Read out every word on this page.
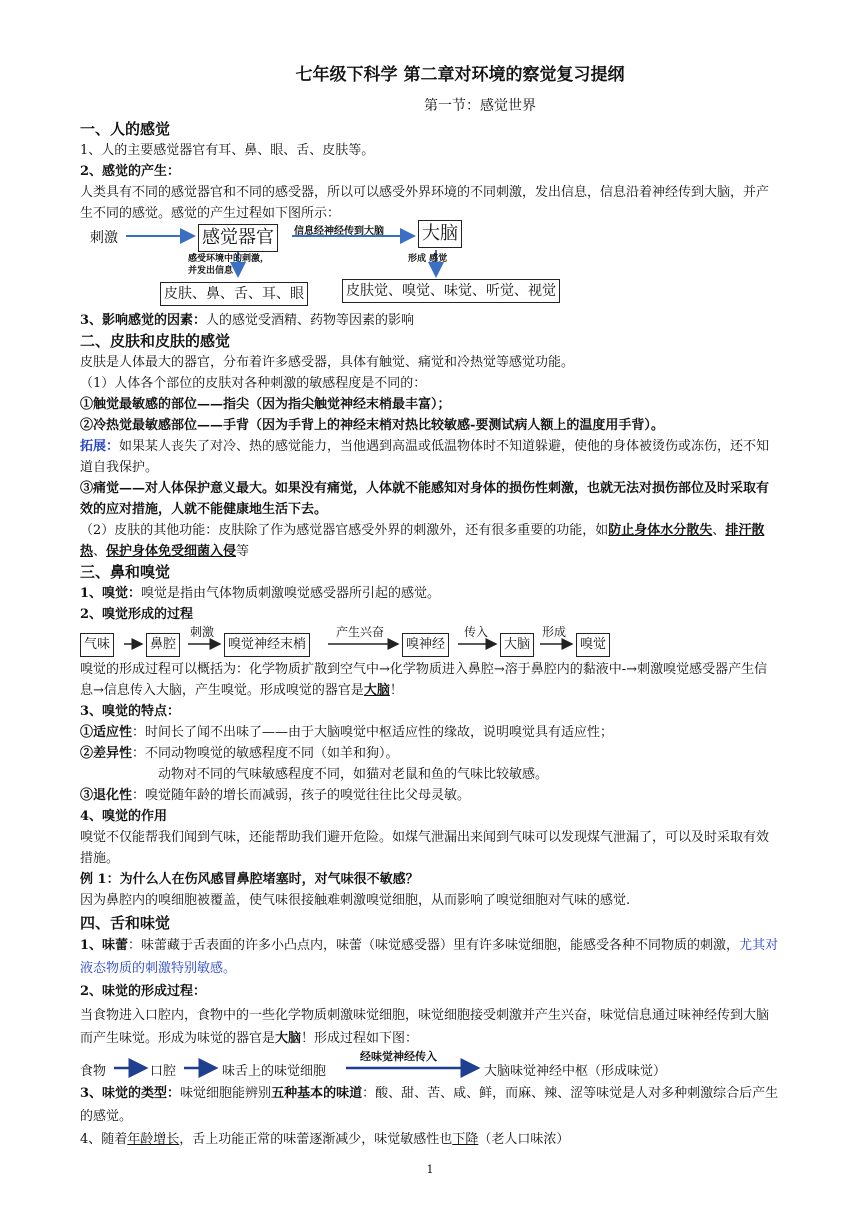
七年级下科学 第二章对环境的察觉复习提纲
第一节：感觉世界
一、人的感觉

1、人的主要感觉器官有耳、鼻、眼、舌、皮肤等。

2、感觉的产生：

人类具有不同的感觉器官和不同的感受器，所以可以感受外界环境的不同刺激，发出信息，信息沿着神经传到大脑，并产生不同的感觉。感觉的产生过程如下图所示：

刺激	感觉器官	信息经神经传到大脑 大脑
感受环境中的刺激，
并发出信息
形成 感觉
皮肤、鼻、舌、耳、眼	皮肤觉、嗅觉、味觉、听觉、视觉

3、影响感觉的因素：人的感觉受酒精、药物等因素的影响

二、皮肤和皮肤的感觉

皮肤是人体最大的器官，分布着许多感受器，具体有触觉、痛觉和冷热觉等感觉功能。

（1）人体各个部位的皮肤对各种刺激的敏感程度是不同的：

①触觉最敏感的部位——指尖（因为指尖触觉神经末梢最丰富）；

②冷热觉最敏感部位——手背（因为手背上的神经末梢对热比较敏感-要测试病人额上的温度用手背）。

拓展：如果某人丧失了对冷、热的感觉能力，当他遇到高温或低温物体时不知道躲避，使他的身体被烫伤或冻伤，还不知道自我保护。

③痛觉——对人体保护意义最大。如果没有痛觉，人体就不能感知对身体的损伤性刺激，也就无法对损伤部位及时采取有效的应对措施，人就不能健康地生活下去。

（2）皮肤的其他功能：皮肤除了作为感觉器官感受外界的刺激外，还有很多重要的功能，如防止身体水分散失、排汗散热、保护身体免受细菌入侵等

三、鼻和嗅觉

1、嗅觉：嗅觉是指由气体物质刺激嗅觉感受器所引起的感觉。

2、嗅觉形成的过程
气味	鼻腔
刺激
嗅觉神经末梢
产生兴奋
嗅神经
传入
大脑
形成
嗅觉

嗅觉的形成过程可以概括为：化学物质扩散到空气中→化学物质进入鼻腔→溶于鼻腔内的黏液中-→刺激嗅觉感受器产生信息→信息传入大脑，产生嗅觉。形成嗅觉的器官是大脑！

3、嗅觉的特点：

①适应性：时间长了闻不出味了——由于大脑嗅觉中枢适应性的缘故，说明嗅觉具有适应性；

②差异性：不同动物嗅觉的敏感程度不同（如羊和狗）。

动物对不同的气味敏感程度不同，如猫对老鼠和鱼的气味比较敏感。

③退化性：嗅觉随年龄的增长而减弱，孩子的嗅觉往往比父母灵敏。

4、嗅觉的作用

嗅觉不仅能帮我们闻到气味，还能帮助我们避开危险。如煤气泄漏出来闻到气味可以发现煤气泄漏了，可以及时采取有效措施。

例 1：为什么人在伤风感冒鼻腔堵塞时，对气味很不敏感？

因为鼻腔内的嗅细胞被覆盖，使气味很接触难刺激嗅觉细胞，从而影响了嗅觉细胞对气味的感觉.

四、舌和味觉

1、味蕾：味蕾藏于舌表面的许多小凸点内，味蕾（味觉感受器）里有许多味觉细胞，能感受各种不同物质的刺激，尤其对液态物质的刺激特别敏感。

2、味觉的形成过程：

当食物进入口腔内，食物中的一些化学物质刺激味觉细胞，味觉细胞接受刺激并产生兴奋，味觉信息通过味神经传到大脑而产生味觉。形成为味觉的器官是大脑！形成过程如下图：

食物	口腔	味舌上的味觉细胞
经味觉神经传入
大脑味觉神经中枢（形成味觉）

3、味觉的类型：味觉细胞能辨别五种基本的味道：酸、甜、苦、咸、鲜，而麻、辣、涩等味觉是人对多种刺激综合后产生的感觉。

4、随着年龄增长，舌上功能正常的味蕾逐渐减少，味觉敏感性也下降（老人口味浓）

1
